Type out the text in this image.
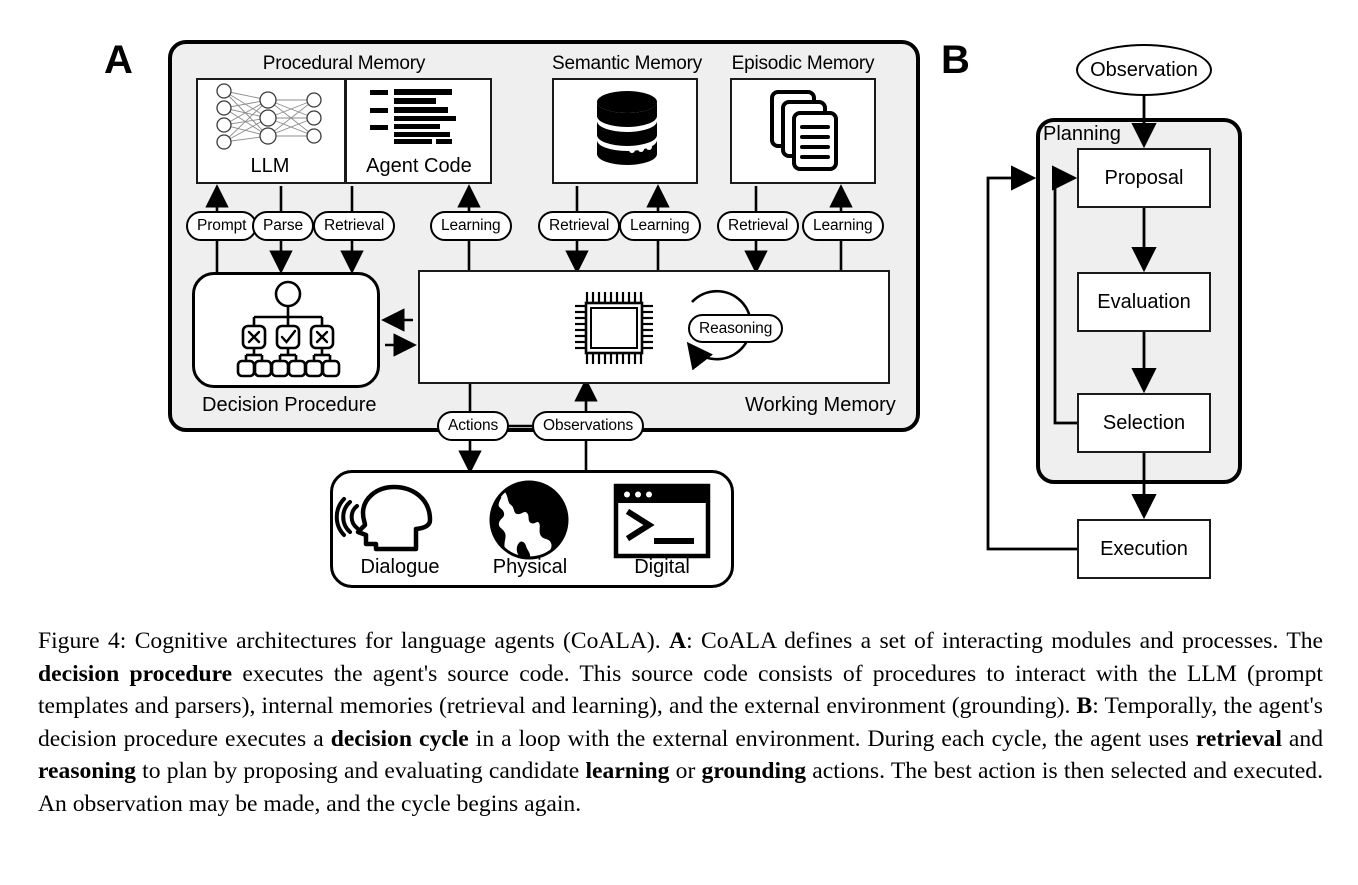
A	Procedural Memory
LLM	Agent Code
Semantic Memory Episodic Memory
Prompt	Parse	Retrieval	Learning	Retrieval	Learning	Retrieval	Learning
Decision Procedure
Reasoning
Working Memory
Actions	Observations
Dialogue	Physical	Digital
B	Observation
Planning
Proposal
Evaluation
Selection
Execution
Figure 4: Cognitive architectures for language agents (CoALA). A: CoALA defines a set of interacting modules and processes. The decision procedure executes the agent's source code. This source code consists of procedures to interact with the LLM (prompt templates and parsers), internal memories (retrieval and learning), and the external environment (grounding). B: Temporally, the agent's decision procedure executes a decision cycle in a loop with the external environment. During each cycle, the agent uses retrieval and reasoning to plan by proposing and evaluating candidate learning or grounding actions. The best action is then selected and executed. An observation may be made, and the cycle begins again.
